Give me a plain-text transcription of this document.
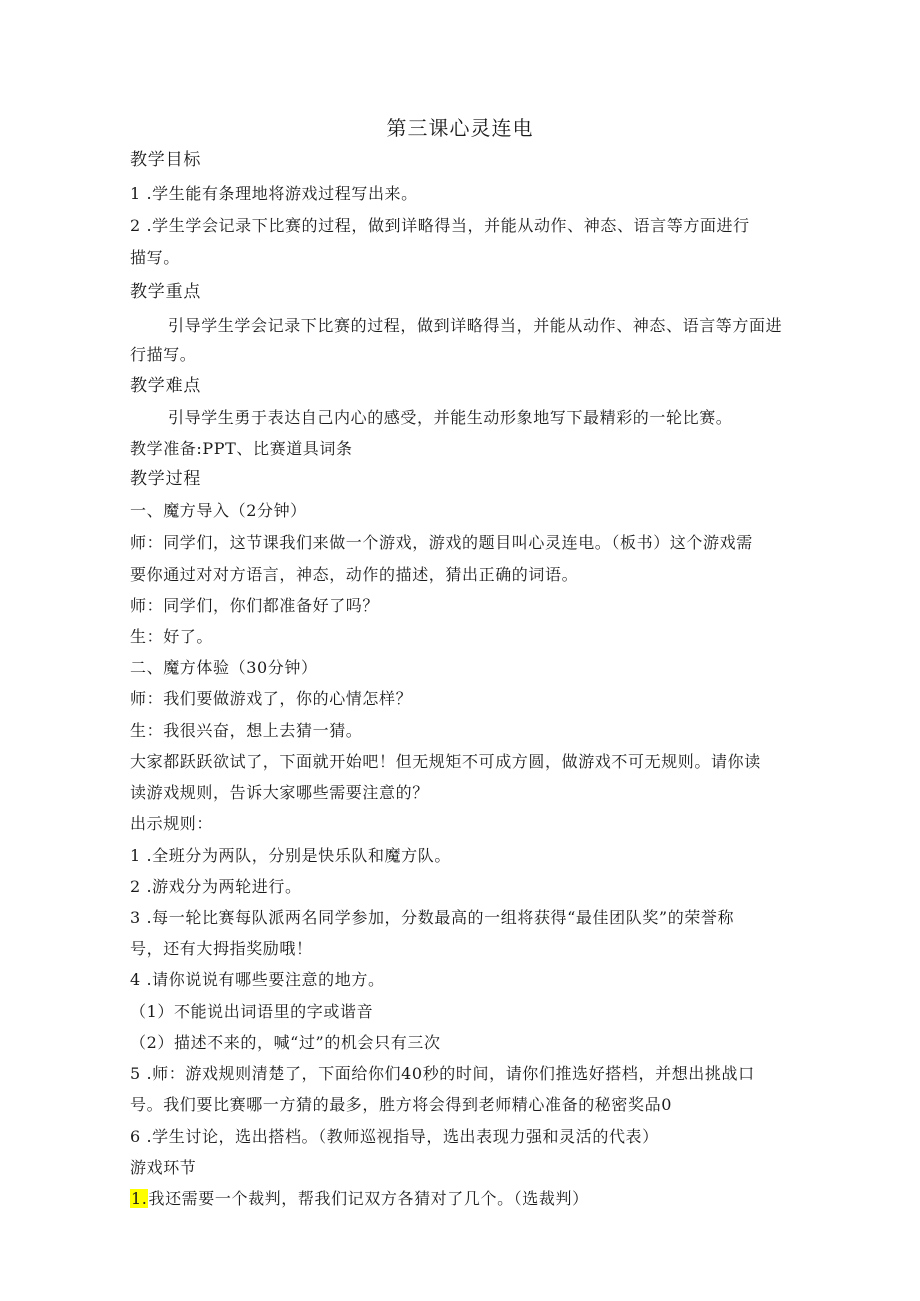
第三课心灵连电
教学目标
1 .学生能有条理地将游戏过程写出来。
2 .学生学会记录下比赛的过程，做到详略得当，并能从动作、神态、语言等方面进行
描写。
教学重点
引导学生学会记录下比赛的过程，做到详略得当，并能从动作、神态、语言等方面进
行描写。
教学难点
引导学生勇于表达自己内心的感受，并能生动形象地写下最精彩的一轮比赛。
教学准备:PPT、比赛道具词条
教学过程
一、魔方导入（2分钟）
师：同学们，这节课我们来做一个游戏，游戏的题目叫心灵连电。（板书）这个游戏需
要你通过对对方语言，神态，动作的描述，猜出正确的词语。
师：同学们，你们都准备好了吗？
生：好了。
二、魔方体验（30分钟）
师：我们要做游戏了，你的心情怎样？
生：我很兴奋，想上去猜一猜。
大家都跃跃欲试了，下面就开始吧！但无规矩不可成方圆，做游戏不可无规则。请你读
读游戏规则，告诉大家哪些需要注意的？
出示规则：
1 .全班分为两队，分别是快乐队和魔方队。
2 .游戏分为两轮进行。
3 .每一轮比赛每队派两名同学参加，分数最高的一组将获得“最佳团队奖”的荣誉称
号，还有大拇指奖励哦！
4 .请你说说有哪些要注意的地方。
（1）不能说出词语里的字或谐音
（2）描述不来的，喊“过”的机会只有三次
5 .师：游戏规则清楚了，下面给你们40秒的时间，请你们推选好搭档，并想出挑战口
号。我们要比赛哪一方猜的最多，胜方将会得到老师精心准备的秘密奖品0
6 .学生讨论，选出搭档。（教师巡视指导，选出表现力强和灵活的代表）
游戏环节
1.我还需要一个裁判，帮我们记双方各猜对了几个。（选裁判）
